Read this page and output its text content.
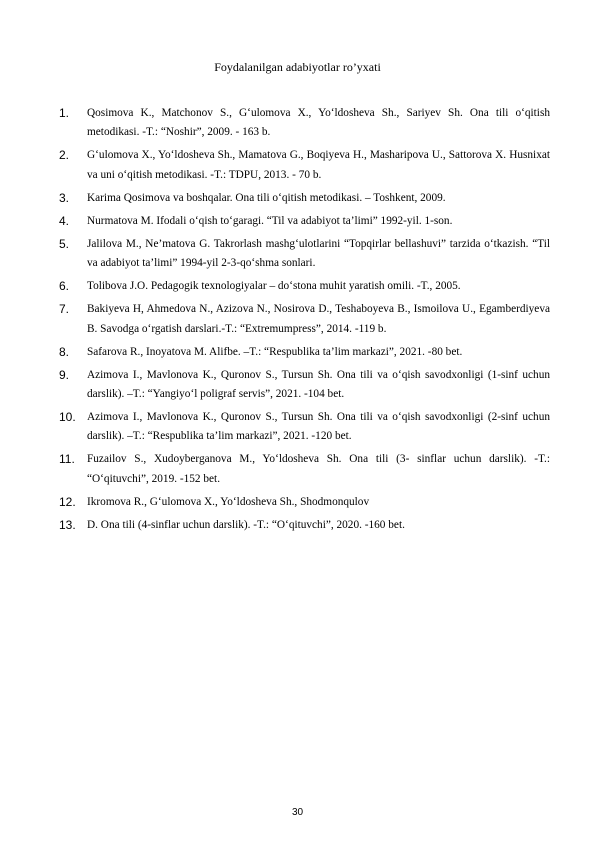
Foydalanilgan adabiyotlar ro’yxati
1. Qosimova K., Matchonov S., G‘ulomova X., Yo‘ldosheva Sh., Sariyev Sh. Ona tili o‘qitish metodikasi. -T.: “Noshir”, 2009. - 163 b.
2. G‘ulomova X., Yo‘ldosheva Sh., Mamatova G., Boqiyeva H., Masharipova U., Sattorova X. Husnixat va uni o‘qitish metodikasi. -T.: TDPU, 2013. - 70 b.
3. Karima Qosimova va boshqalar. Ona tili o‘qitish metodikasi. – Toshkent, 2009.
4. Nurmatova M. Ifodali o‘qish to‘garagi. “Til va adabiyot ta’limi” 1992-yil. 1-son.
5. Jalilova M., Ne’matova G. Takrorlash mashg‘ulotlarini “Topqirlar bellashuvi” tarzida o‘tkazish. “Til va adabiyot ta’limi” 1994-yil 2-3-qo‘shma sonlari.
6. Tolibova J.O. Pedagogik texnologiyalar – do‘stona muhit yaratish omili. -T., 2005.
7. Bakiyeva H, Ahmedova N., Azizova N., Nosirova D., Teshaboyeva B., Ismoilova U., Egamberdiyeva B. Savodga o‘rgatish darslari.-T.: “Extremumpress”, 2014. -119 b.
8. Safarova R., Inoyatova M. Alifbe. –T.: “Respublika ta’lim markazi”, 2021. -80 bet.
9. Azimova I., Mavlonova K., Quronov S., Tursun Sh. Ona tili va o‘qish savodxonligi (1-sinf uchun darslik). –T.: “Yangiyo‘l poligraf servis”, 2021. -104 bet.
10. Azimova I., Mavlonova K., Quronov S., Tursun Sh. Ona tili va o‘qish savodxonligi (2-sinf uchun darslik). –T.: “Respublika ta’lim markazi”, 2021. -120 bet.
11. Fuzailov S., Xudoyberganova M., Yo‘ldosheva Sh. Ona tili (3- sinflar uchun darslik). -T.: “O‘qituvchi”, 2019. -152 bet.
12. Ikromova R., G‘ulomova X., Yo‘ldosheva Sh., Shodmonqulov
13. D. Ona tili (4-sinflar uchun darslik). -T.: “O‘qituvchi”, 2020. -160 bet.
30
